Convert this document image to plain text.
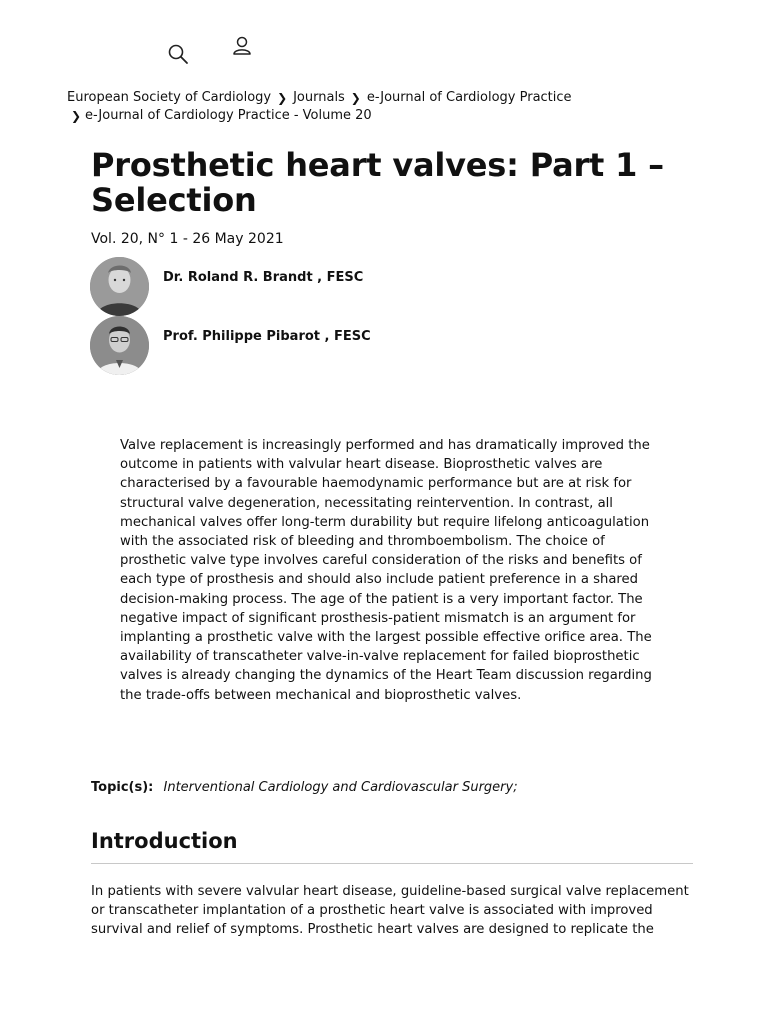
European Society of Cardiology ❯ Journals ❯ e-Journal of Cardiology Practice
❯ e-Journal of Cardiology Practice - Volume 20
Prosthetic heart valves: Part 1 – Selection
Vol. 20, N° 1 - 26 May 2021
Dr. Roland R. Brandt , FESC
Prof. Philippe Pibarot , FESC

Valve replacement is increasingly performed and has dramatically improved the outcome in patients with valvular heart disease. Bioprosthetic valves are characterised by a favourable haemodynamic performance but are at risk for structural valve degeneration, necessitating reintervention. In contrast, all mechanical valves offer long-term durability but require lifelong anticoagulation with the associated risk of bleeding and thromboembolism. The choice of prosthetic valve type involves careful consideration of the risks and benefits of each type of prosthesis and should also include patient preference in a shared decision-making process. The age of the patient is a very important factor. The negative impact of significant prosthesis-patient mismatch is an argument for implanting a prosthetic valve with the largest possible effective orifice area. The availability of transcatheter valve-in-valve replacement for failed bioprosthetic valves is already changing the dynamics of the Heart Team discussion regarding the trade-offs between mechanical and bioprosthetic valves.

Topic(s): Interventional Cardiology and Cardiovascular Surgery;
Introduction

In patients with severe valvular heart disease, guideline-based surgical valve replacement or transcatheter implantation of a prosthetic heart valve is associated with improved survival and relief of symptoms. Prosthetic heart valves are designed to replicate the
